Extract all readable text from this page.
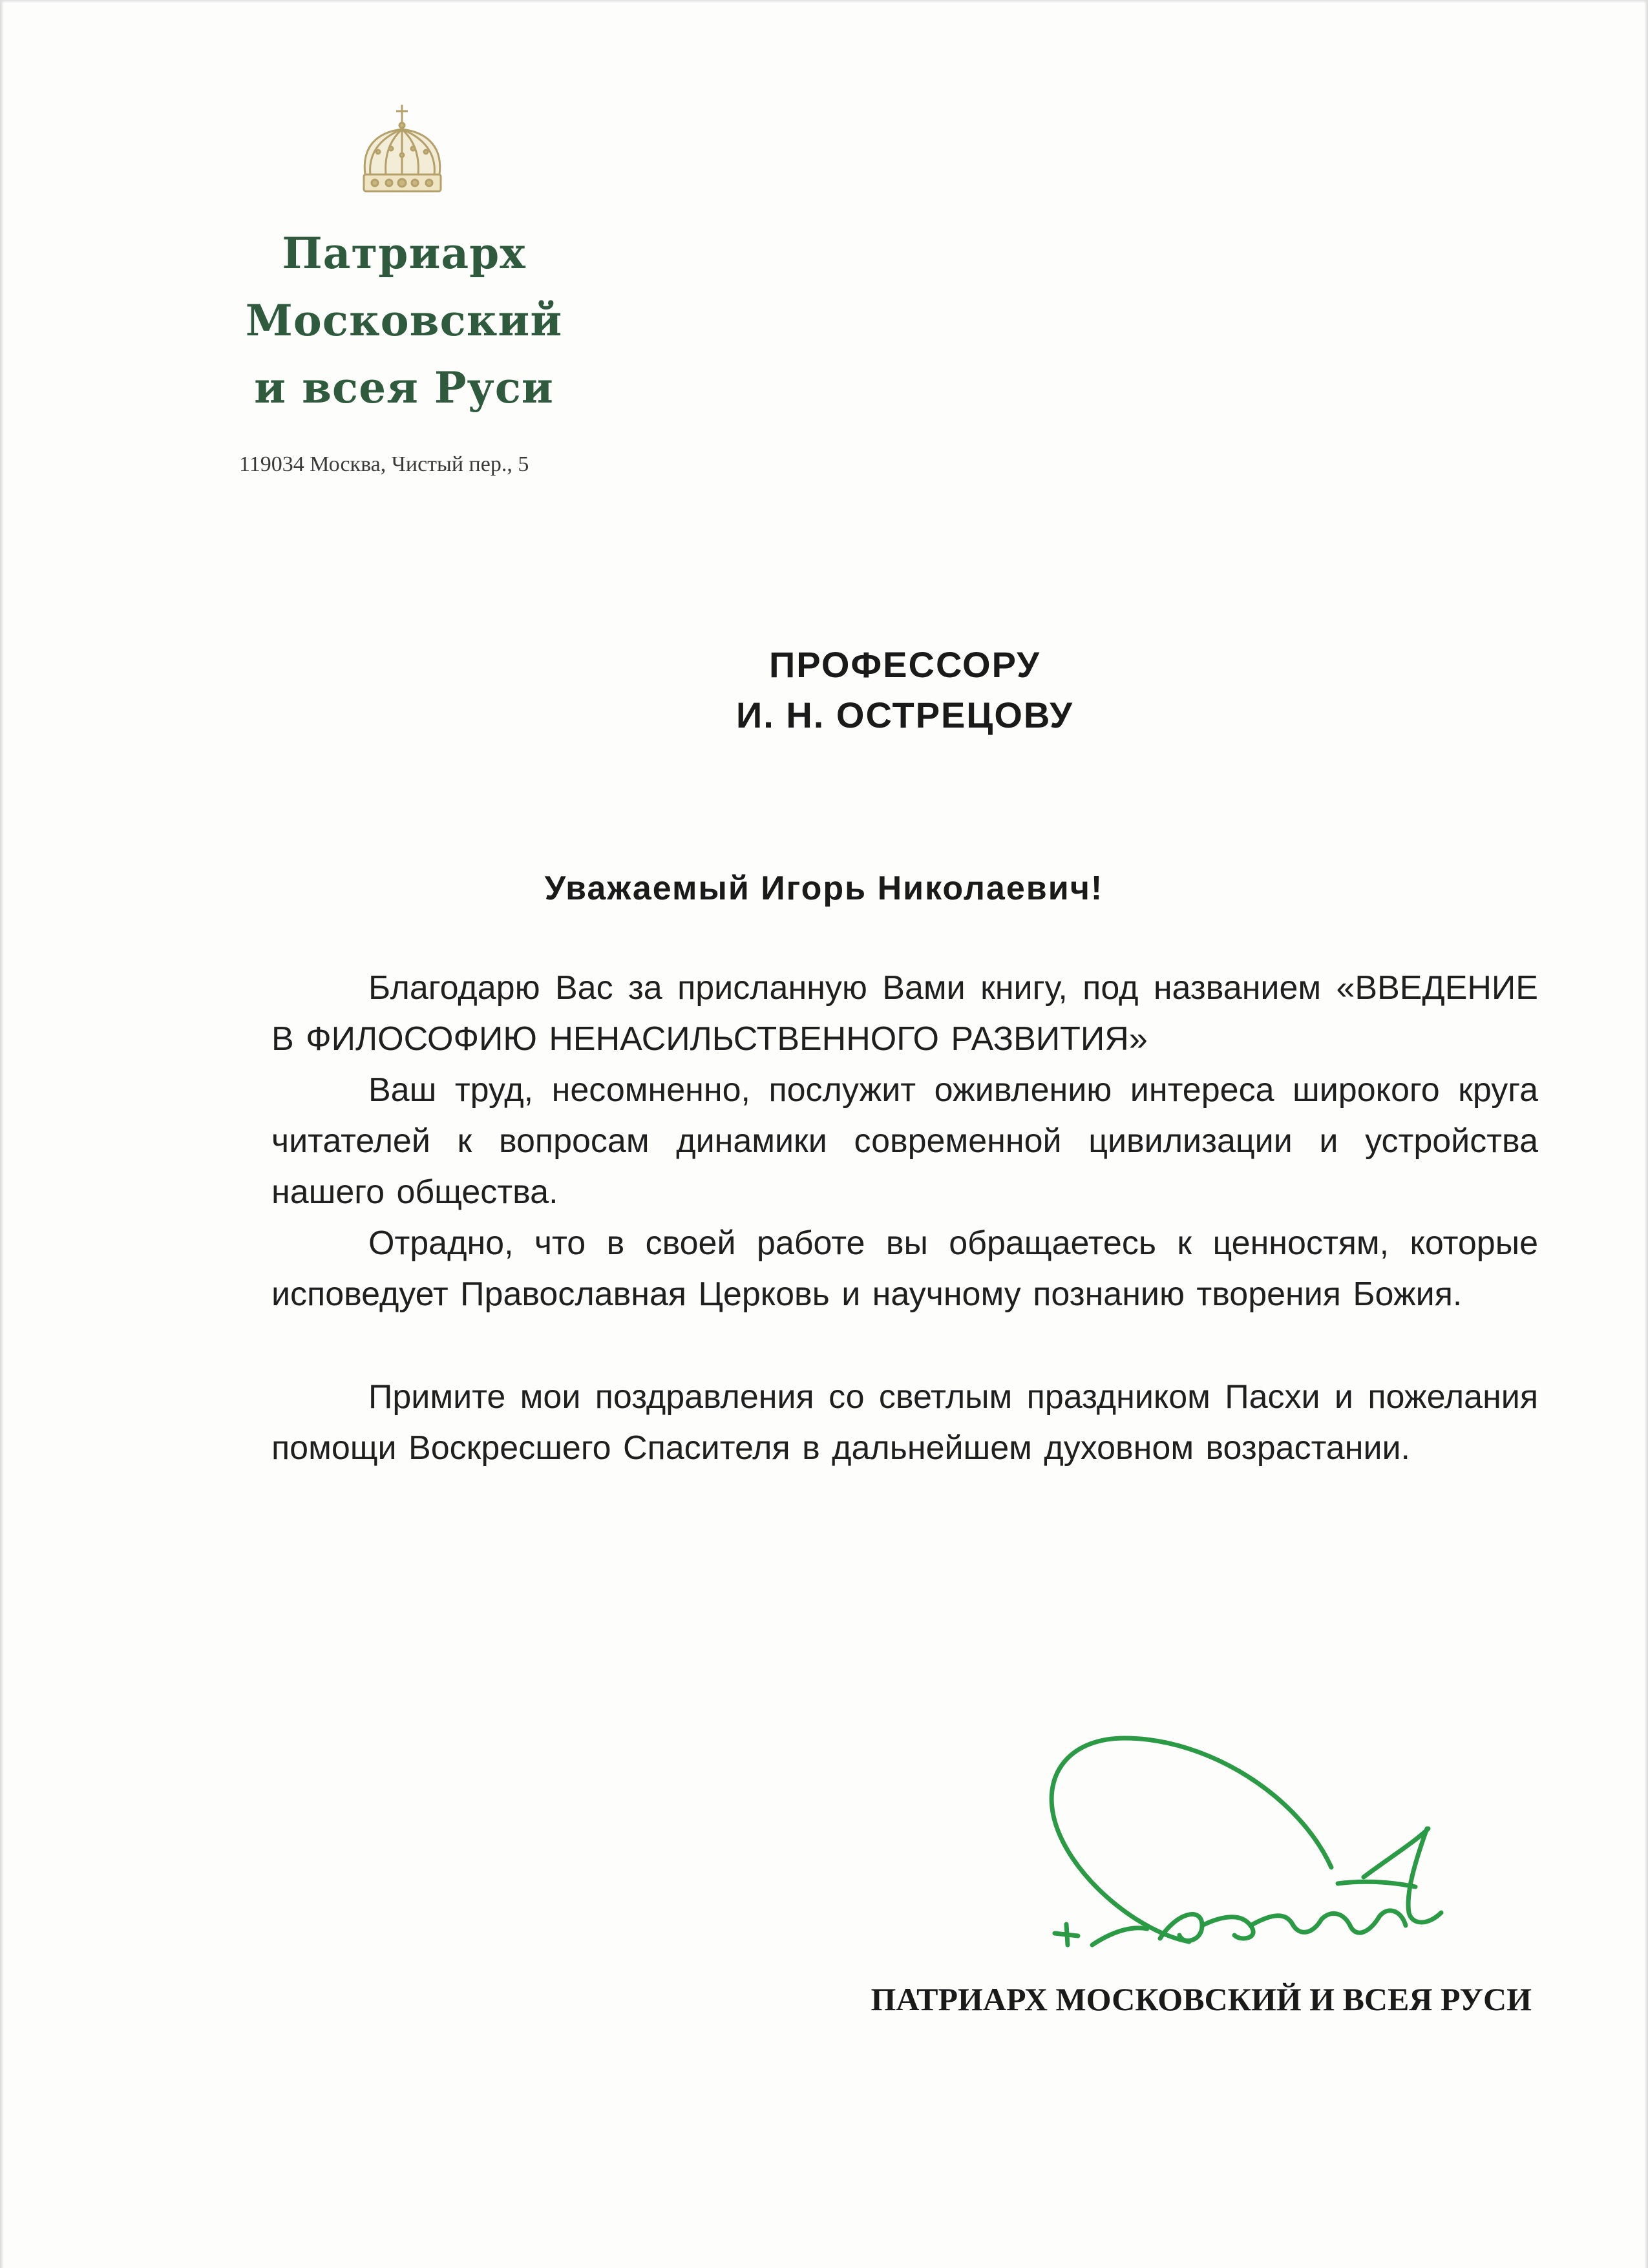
Патриарх
Московский
и всея Руси
119034 Москва, Чистый пер., 5
ПРОФЕССОРУ
И. Н. ОСТРЕЦОВУ
Уважаемый Игорь Николаевич!

Благодарю Вас за присланную Вами книгу, под названием «ВВЕДЕНИЕ В ФИЛОСОФИЮ НЕНАСИЛЬСТВЕННОГО РАЗВИТИЯ»

Ваш труд, несомненно, послужит оживлению интереса широкого круга читателей к вопросам динамики современной цивилизации и устройства нашего общества.

Отрадно, что в своей работе вы обращаетесь к ценностям, которые исповедует Православная Церковь и научному познанию творения Божия.

Примите мои поздравления со светлым праздником Пасхи и пожелания помощи Воскресшего Спасителя в дальнейшем духовном возрастании.

ПАТРИАРХ МОСКОВСКИЙ И ВСЕЯ РУСИ
